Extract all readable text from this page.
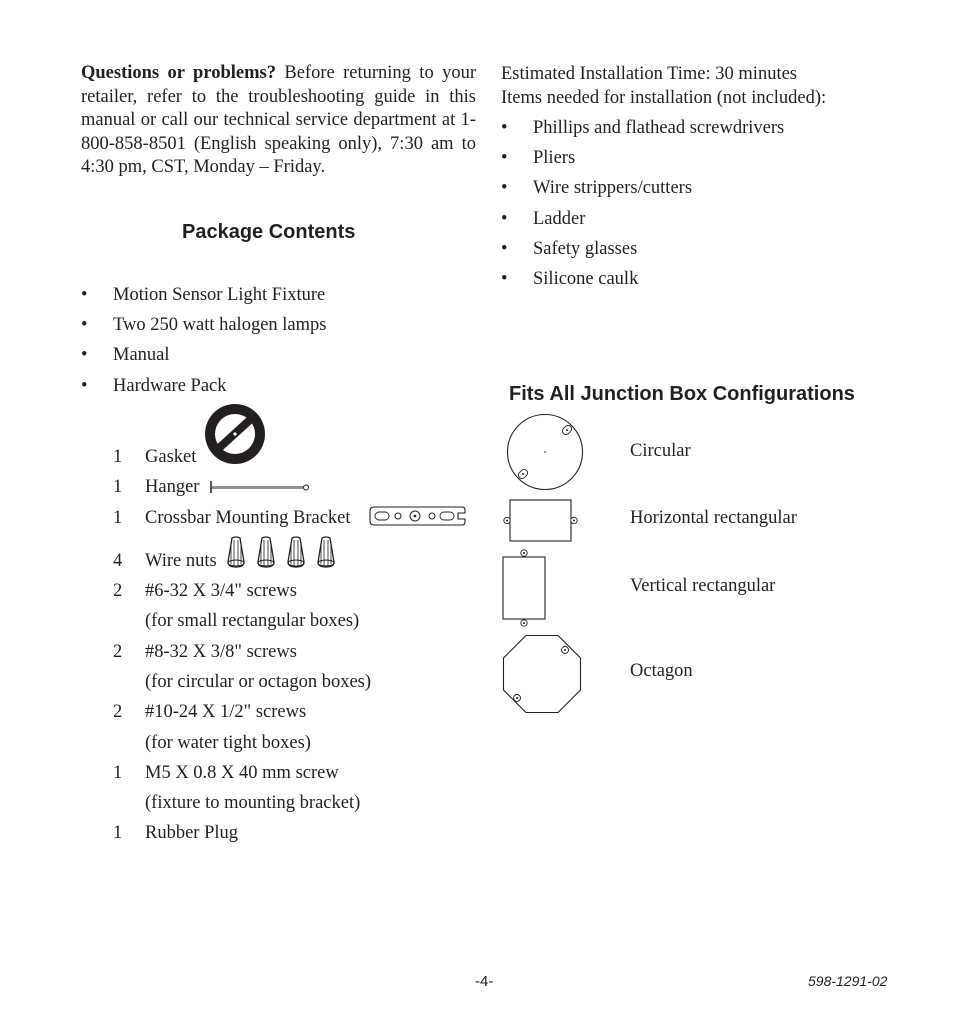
Questions or problems? Before returning to your retailer, refer to the troubleshooting guide in this manual or call our technical service department at 1-800-858-8501 (English speaking only), 7:30 am to 4:30 pm, CST, Monday – Friday.
Package Contents
• Motion Sensor Light Fixture
• Two 250 watt halogen lamps
• Manual
• Hardware Pack
1 Gasket
1 Hanger
1 Crossbar Mounting Bracket
4 Wire nuts
2 #6-32 X 3/4" screws
(for small rectangular boxes)
2 #8-32 X 3/8" screws
(for circular or octagon boxes)
2 #10-24 X 1/2" screws
(for water tight boxes)
1 M5 X 0.8 X 40 mm screw
(fixture to mounting bracket)
1 Rubber Plug
Estimated Installation Time: 30 minutes
Items needed for installation (not included):
• Phillips and flathead screwdrivers
• Pliers
• Wire strippers/cutters
• Ladder
• Safety glasses
• Silicone caulk
Fits All Junction Box Configurations
Circular
Horizontal rectangular
Vertical rectangular
Octagon
-4-	598-1291-02
